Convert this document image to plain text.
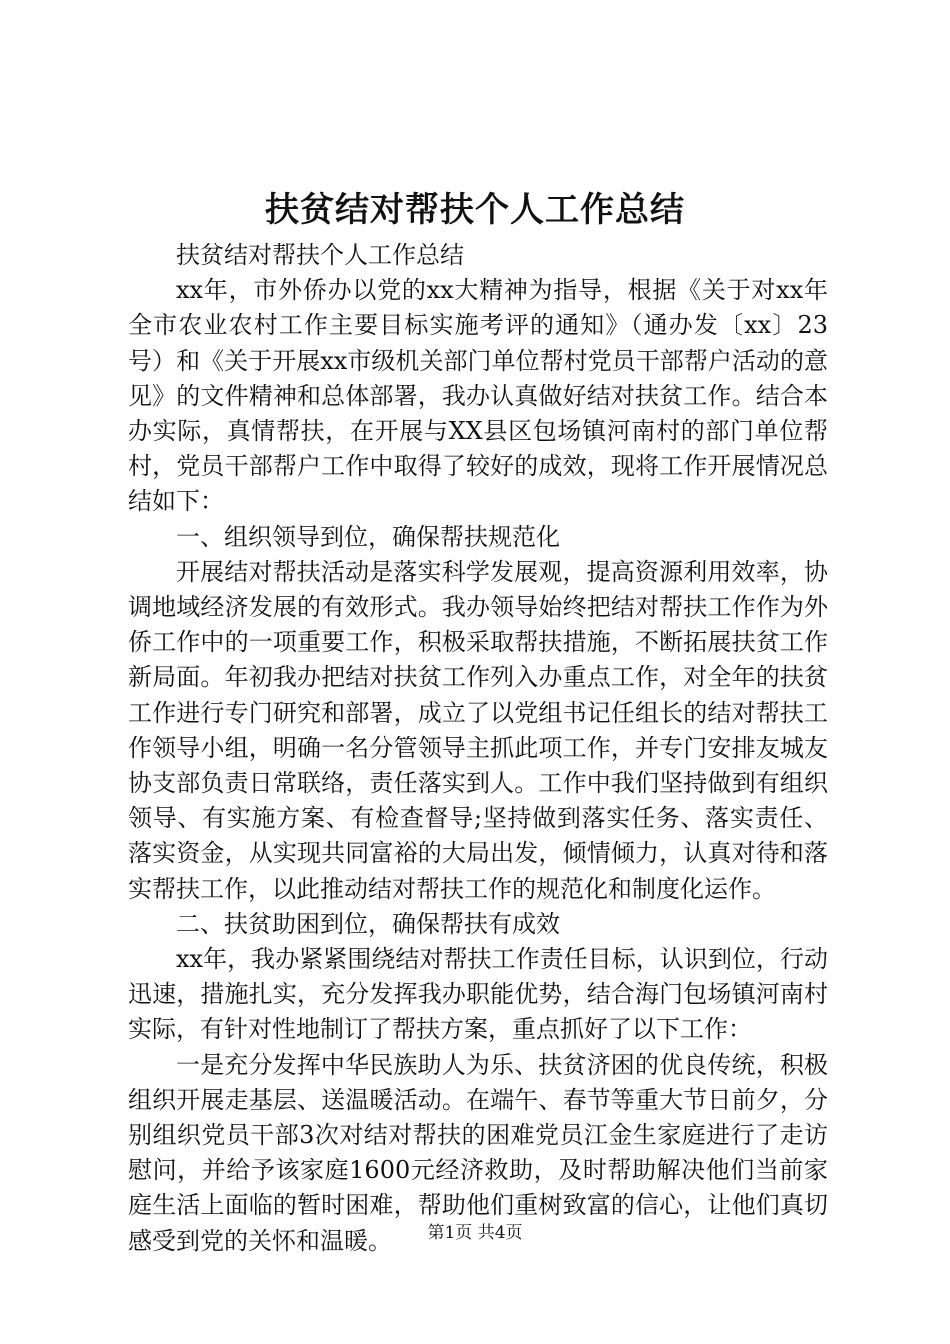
扶贫结对帮扶个人工作总结

扶贫结对帮扶个人工作总结

xx年，市外侨办以党的xx大精神为指导，根据《关于对xx年全市农业农村工作主要目标实施考评的通知》（通办发〔xx〕23号）和《关于开展xx市级机关部门单位帮村党员干部帮户活动的意见》的文件精神和总体部署，我办认真做好结对扶贫工作。结合本办实际，真情帮扶，在开展与XX县区包场镇河南村的部门单位帮村，党员干部帮户工作中取得了较好的成效，现将工作开展情况总结如下：

一、组织领导到位，确保帮扶规范化

开展结对帮扶活动是落实科学发展观，提高资源利用效率，协调地域经济发展的有效形式。我办领导始终把结对帮扶工作作为外侨工作中的一项重要工作，积极采取帮扶措施，不断拓展扶贫工作新局面。年初我办把结对扶贫工作列入办重点工作，对全年的扶贫工作进行专门研究和部署，成立了以党组书记任组长的结对帮扶工作领导小组，明确一名分管领导主抓此项工作，并专门安排友城友协支部负责日常联络，责任落实到人。工作中我们坚持做到有组织领导、有实施方案、有检查督导;坚持做到落实任务、落实责任、落实资金，从实现共同富裕的大局出发，倾情倾力，认真对待和落实帮扶工作，以此推动结对帮扶工作的规范化和制度化运作。

二、扶贫助困到位，确保帮扶有成效

xx年，我办紧紧围绕结对帮扶工作责任目标，认识到位，行动迅速，措施扎实，充分发挥我办职能优势，结合海门包场镇河南村实际，有针对性地制订了帮扶方案，重点抓好了以下工作：

一是充分发挥中华民族助人为乐、扶贫济困的优良传统，积极组织开展走基层、送温暖活动。在端午、春节等重大节日前夕，分别组织党员干部3次对结对帮扶的困难党员江金生家庭进行了走访慰问，并给予该家庭1600元经济救助，及时帮助解决他们当前家庭生活上面临的暂时困难，帮助他们重树致富的信心，让他们真切感受到党的关怀和温暖。	第1页 共4页
